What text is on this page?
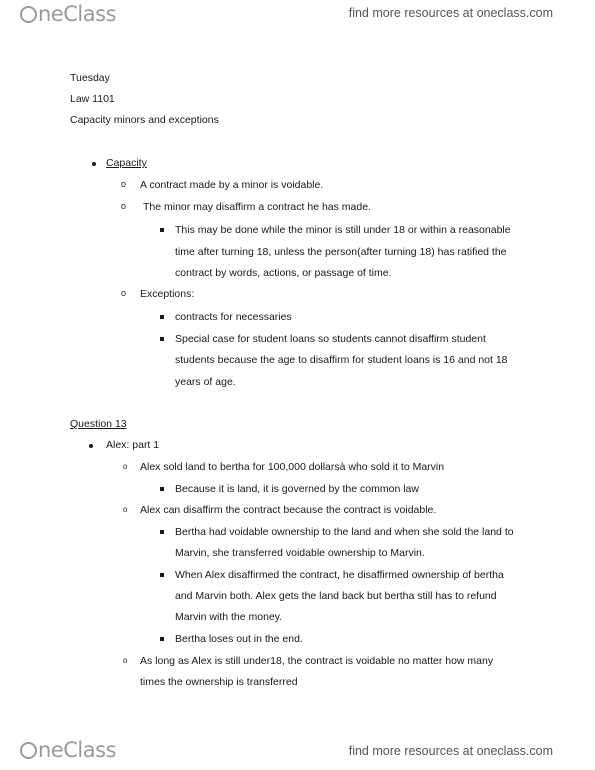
neClass	find more resources at oneclass.com
Tuesday
Law 1101
Capacity minors and exceptions
Capacity
o A contract made by a minor is voidable.
o The minor may disaffirm a contract he has made.
This may be done while the minor is still under 18 or within a reasonable
time after turning 18, unless the person(after turning 18) has ratified the
contract by words, actions, or passage of time.
o Exceptions:
contracts for necessaries
Special case for student loans so students cannot disaffirm student
students because the age to disaffirm for student loans is 16 and not 18
years of age.
Question 13
Alex: part 1
o Alex sold land to bertha for 100,000 dollarsà who sold it to Marvin
Because it is land, it is governed by the common law
o Alex can disaffirm the contract because the contract is voidable.
Bertha had voidable ownership to the land and when she sold the land to
Marvin, she transferred voidable ownership to Marvin.
When Alex disaffirmed the contract, he disaffirmed ownership of bertha
and Marvin both. Alex gets the land back but bertha still has to refund
Marvin with the money.
Bertha loses out in the end.
o As long as Alex is still under18, the contract is voidable no matter how many
times the ownership is transferred
neClass	find more resources at oneclass.com
